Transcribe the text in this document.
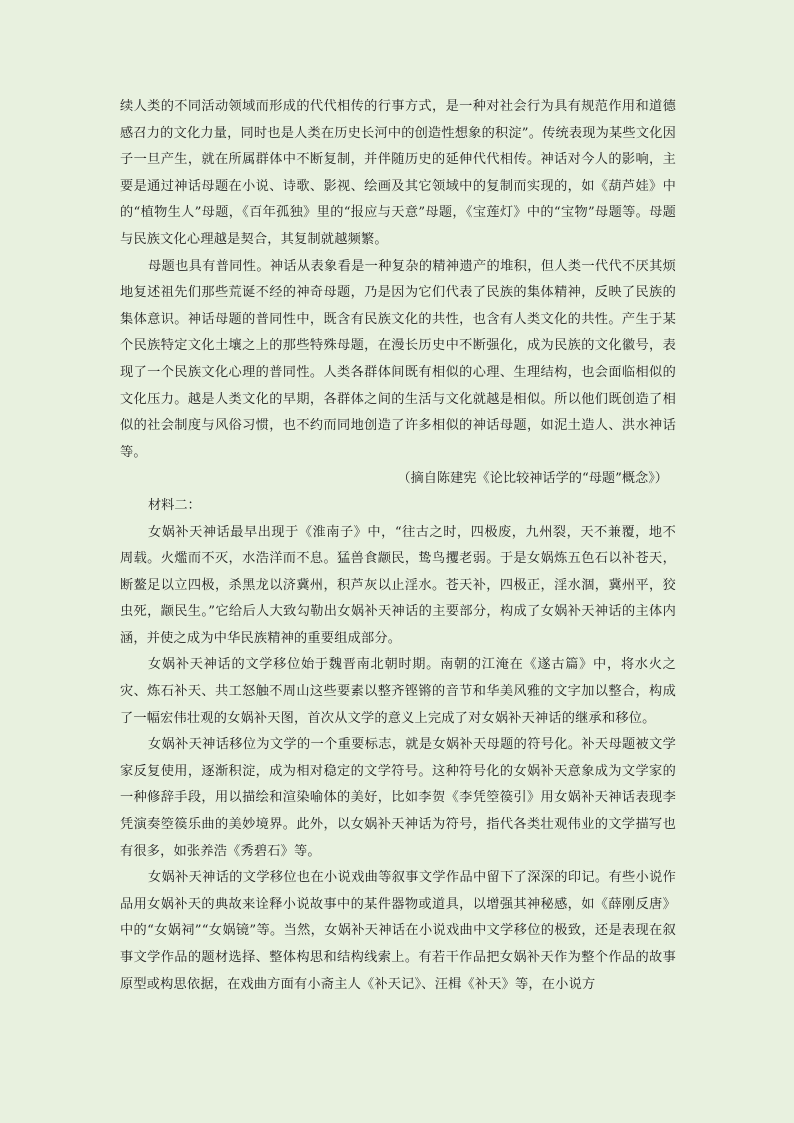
续人类的不同活动领域而形成的代代相传的行事方式，是一种对社会行为具有规范作用和道德感召力的文化力量，同时也是人类在历史长河中的创造性想象的积淀”。传统表现为某些文化因子一旦产生，就在所属群体中不断复制，并伴随历史的延伸代代相传。神话对今人的影响，主要是通过神话母题在小说、诗歌、影视、绘画及其它领域中的复制而实现的，如《葫芦娃》中的“植物生人”母题，《百年孤独》里的“报应与天意”母题，《宝莲灯》中的“宝物”母题等。母题与民族文化心理越是契合，其复制就越频繁。

母题也具有普同性。神话从表象看是一种复杂的精神遗产的堆积，但人类一代代不厌其烦地复述祖先们那些荒诞不经的神奇母题，乃是因为它们代表了民族的集体精神，反映了民族的集体意识。神话母题的普同性中，既含有民族文化的共性，也含有人类文化的共性。产生于某个民族特定文化土壤之上的那些特殊母题，在漫长历史中不断强化，成为民族的文化徽号，表现了一个民族文化心理的普同性。人类各群体间既有相似的心理、生理结构，也会面临相似的文化压力。越是人类文化的早期，各群体之间的生活与文化就越是相似。所以他们既创造了相似的社会制度与风俗习惯，也不约而同地创造了许多相似的神话母题，如泥土造人、洪水神话等。

（摘自陈建宪《论比较神话学的“母题”概念》）

材料二：

女娲补天神话最早出现于《淮南子》中，“往古之时，四极废，九州裂，天不兼覆，地不周载。火爁而不灭，水浩洋而不息。猛兽食颛民，鸷鸟攫老弱。于是女娲炼五色石以补苍天，断鳌足以立四极，杀黑龙以济冀州，积芦灰以止淫水。苍天补，四极正，淫水涸，冀州平，狡虫死，颛民生。”它给后人大致勾勒出女娲补天神话的主要部分，构成了女娲补天神话的主体内涵，并使之成为中华民族精神的重要组成部分。

女娲补天神话的文学移位始于魏晋南北朝时期。南朝的江淹在《遂古篇》中，将水火之灾、炼石补天、共工怒触不周山这些要素以整齐铿锵的音节和华美风雅的文字加以整合，构成了一幅宏伟壮观的女娲补天图，首次从文学的意义上完成了对女娲补天神话的继承和移位。

女娲补天神话移位为文学的一个重要标志，就是女娲补天母题的符号化。补天母题被文学家反复使用，逐渐积淀，成为相对稳定的文学符号。这种符号化的女娲补天意象成为文学家的一种修辞手段，用以描绘和渲染喻体的美好，比如李贺《李凭箜篌引》用女娲补天神话表现李凭演奏箜篌乐曲的美妙境界。此外，以女娲补天神话为符号，指代各类壮观伟业的文学描写也有很多，如张养浩《秀碧石》等。

女娲补天神话的文学移位也在小说戏曲等叙事文学作品中留下了深深的印记。有些小说作品用女娲补天的典故来诠释小说故事中的某件器物或道具，以增强其神秘感，如《薛刚反唐》中的“女娲祠”“女娲镜”等。当然，女娲补天神话在小说戏曲中文学移位的极致，还是表现在叙事文学作品的题材选择、整体构思和结构线索上。有若干作品把女娲补天作为整个作品的故事原型或构思依据，在戏曲方面有小斋主人《补天记》、汪楫《补天》等，在小说方
